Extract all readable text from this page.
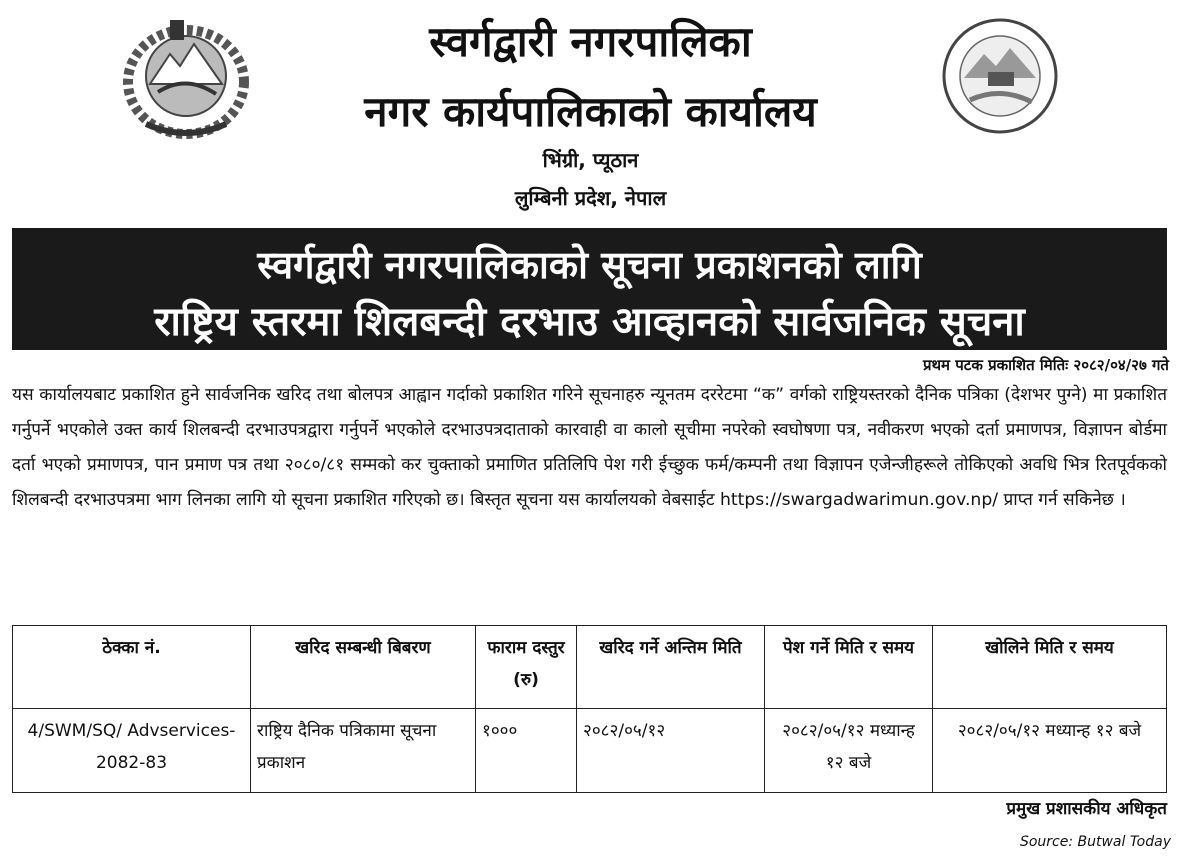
स्वर्गद्वारी नगरपालिका
नगर कार्यपालिकाको कार्यालय
भिंग्री, प्यूठान
लुम्बिनी प्रदेश, नेपाल
स्वर्गद्वारी नगरपालिकाको सूचना प्रकाशनको लागि
राष्ट्रिय स्तरमा शिलबन्दी दरभाउ आव्हानको सार्वजनिक सूचना
प्रथम पटक प्रकाशित मितिः २०८२/०४/२७ गते

यस कार्यालयबाट प्रकाशित हुने सार्वजनिक खरिद तथा बोलपत्र आह्वान गर्दाको प्रकाशित गरिने सूचनाहरु न्यूनतम दररेटमा “क” वर्गको राष्ट्रियस्तरको दैनिक पत्रिका (देशभर पुग्ने) मा प्रकाशित गर्नुपर्ने भएकोले उक्त कार्य शिलबन्दी दरभाउपत्रद्वारा गर्नुपर्ने भएकोले दरभाउपत्रदाताको कारवाही वा कालो सूचीमा नपरेको स्वघोषणा पत्र, नवीकरण भएको दर्ता प्रमाणपत्र, विज्ञापन बोर्डमा दर्ता भएको प्रमाणपत्र, पान प्रमाण पत्र तथा २०८०/८१ सम्मको कर चुक्ताको प्रमाणित प्रतिलिपि पेश गरी ईच्छुक फर्म/कम्पनी तथा विज्ञापन एजेन्जीहरूले तोकिएको अवधि भित्र रितपूर्वकको शिलबन्दी दरभाउपत्रमा भाग लिनका लागि यो सूचना प्रकाशित गरिएको छ। बिस्तृत सूचना यस कार्यालयको वेबसाईट https://swargadwarimun.gov.np/ प्राप्त गर्न सकिनेछ ।

ठेक्का नं.	खरिद सम्बन्धी बिबरण	फाराम दस्तुर (रु)	खरिद गर्ने अन्तिम मिति	पेश गर्ने मिति र समय	खोलिने मिति र समय
4/SWM/SQ/ Advservices-2082-83	राष्ट्रिय दैनिक पत्रिकामा सूचना प्रकाशन	१०००	२०८२/०५/१२	२०८२/०५/१२ मध्यान्ह १२ बजे	२०८२/०५/१२ मध्यान्ह १२ बजे
प्रमुख प्रशासकीय अधिकृत
Source: Butwal Today
